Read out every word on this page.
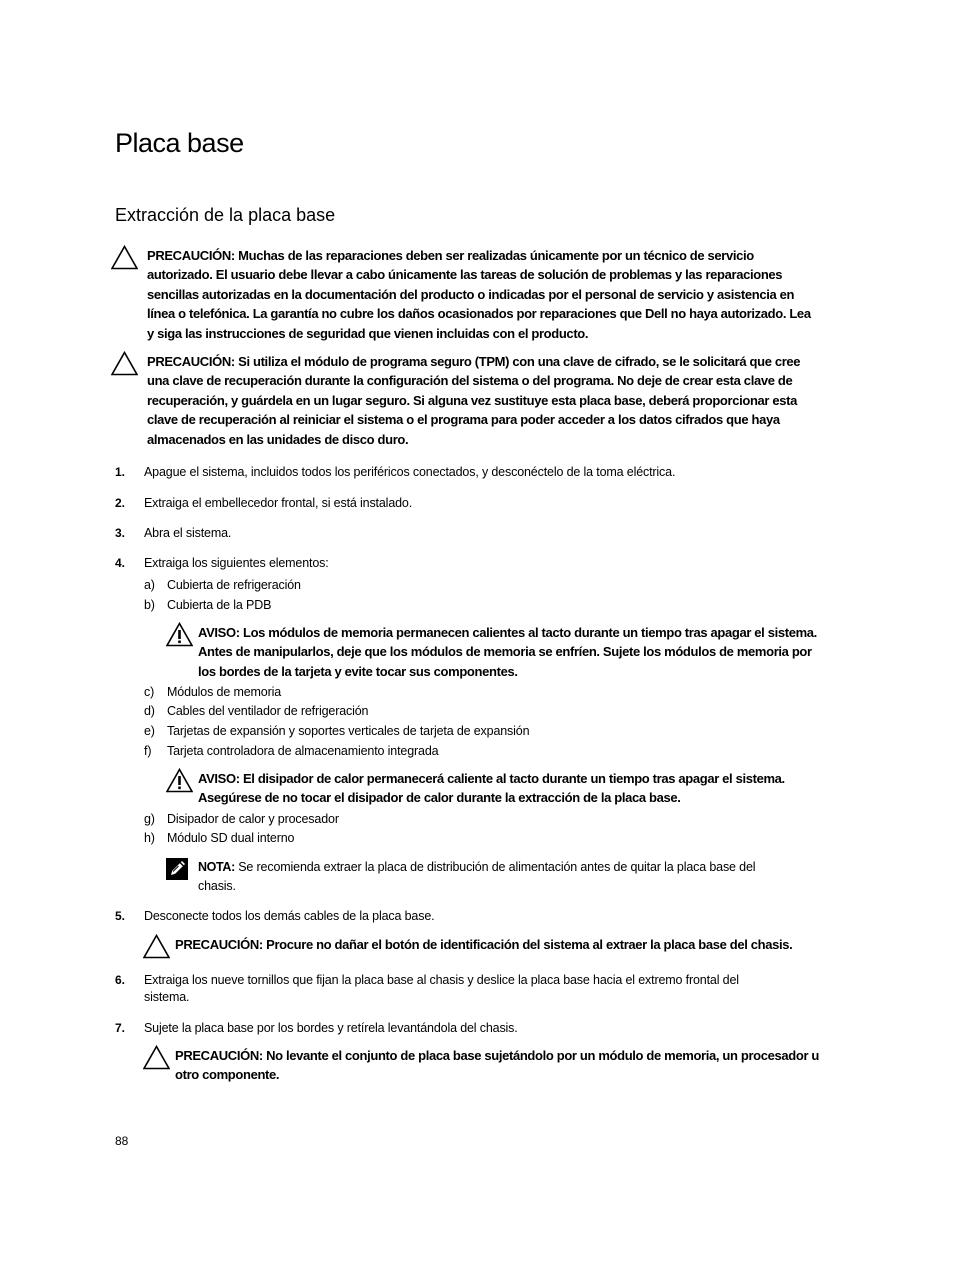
Placa base
Extracción de la placa base
PRECAUCIÓN: Muchas de las reparaciones deben ser realizadas únicamente por un técnico de servicio
autorizado. El usuario debe llevar a cabo únicamente las tareas de solución de problemas y las reparaciones
sencillas autorizadas en la documentación del producto o indicadas por el personal de servicio y asistencia en
línea o telefónica. La garantía no cubre los daños ocasionados por reparaciones que Dell no haya autorizado. Lea
y siga las instrucciones de seguridad que vienen incluidas con el producto.
PRECAUCIÓN: Si utiliza el módulo de programa seguro (TPM) con una clave de cifrado, se le solicitará que cree
una clave de recuperación durante la configuración del sistema o del programa. No deje de crear esta clave de
recuperación, y guárdela en un lugar seguro. Si alguna vez sustituye esta placa base, deberá proporcionar esta
clave de recuperación al reiniciar el sistema o el programa para poder acceder a los datos cifrados que haya
almacenados en las unidades de disco duro.
1. Apague el sistema, incluidos todos los periféricos conectados, y desconéctelo de la toma eléctrica.
2. Extraiga el embellecedor frontal, si está instalado.
3. Abra el sistema.
4. Extraiga los siguientes elementos:
a) Cubierta de refrigeración
b) Cubierta de la PDB
AVISO: Los módulos de memoria permanecen calientes al tacto durante un tiempo tras apagar el sistema.
Antes de manipularlos, deje que los módulos de memoria se enfríen. Sujete los módulos de memoria por
los bordes de la tarjeta y evite tocar sus componentes.
c) Módulos de memoria
d) Cables del ventilador de refrigeración
e) Tarjetas de expansión y soportes verticales de tarjeta de expansión
f) Tarjeta controladora de almacenamiento integrada
AVISO: El disipador de calor permanecerá caliente al tacto durante un tiempo tras apagar el sistema.
Asegúrese de no tocar el disipador de calor durante la extracción de la placa base.
g) Disipador de calor y procesador
h) Módulo SD dual interno
NOTA: Se recomienda extraer la placa de distribución de alimentación antes de quitar la placa base del
chasis.
5. Desconecte todos los demás cables de la placa base.
PRECAUCIÓN: Procure no dañar el botón de identificación del sistema al extraer la placa base del chasis.
6. Extraiga los nueve tornillos que fijan la placa base al chasis y deslice la placa base hacia el extremo frontal del
sistema.
7. Sujete la placa base por los bordes y retírela levantándola del chasis.
PRECAUCIÓN: No levante el conjunto de placa base sujetándolo por un módulo de memoria, un procesador u
otro componente.
88
